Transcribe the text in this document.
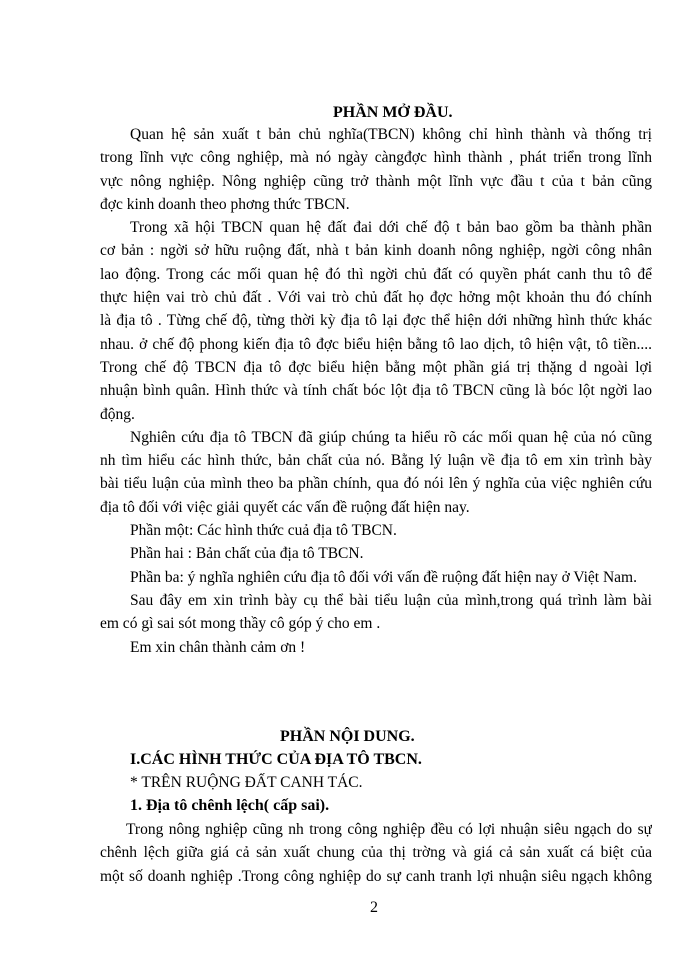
PHẦN MỞ ĐẦU.
Quan hệ sản xuất t bản chủ nghĩa(TBCN) không chỉ hình thành và thống trị
trong lĩnh vực công nghiệp, mà nó ngày càngđợc hình thành , phát triển trong lĩnh
vực nông nghiệp. Nông nghiệp cũng trở thành một lĩnh vực đầu t của t bản cũng
đợc kinh doanh theo phơng thức TBCN.
Trong xã hội TBCN quan hệ đất đai dới chế độ t bản bao gồm ba thành phần
cơ bản : ngời sở hữu ruộng đất, nhà t bản kinh doanh nông nghiệp, ngời công nhân
lao động. Trong các mối quan hệ đó thì ngời chủ đất có quyền phát canh thu tô để
thực hiện vai trò chủ đất . Với vai trò chủ đất họ đợc hởng một khoản thu đó chính
là địa tô . Từng chế độ, từng thời kỳ địa tô lại đợc thể hiện dới những hình thức khác
nhau. ở chế độ phong kiến địa tô đợc biểu hiện bằng tô lao dịch, tô hiện vật, tô tiền....
Trong chế độ TBCN địa tô đợc biểu hiện bằng một phần giá trị thặng d ngoài lợi
nhuận bình quân. Hình thức và tính chất bóc lột địa tô TBCN cũng là bóc lột ngời lao
động.
Nghiên cứu địa tô TBCN đã giúp chúng ta hiểu rõ các mối quan hệ của nó cũng
nh tìm hiểu các hình thức, bản chất của nó. Bằng lý luận về địa tô em xin trình bày
bài tiểu luận của mình theo ba phần chính, qua đó nói lên ý nghĩa của việc nghiên cứu
địa tô đối với việc giải quyết các vấn đề ruộng đất hiện nay.
Phần một: Các hình thức cuả địa tô TBCN.
Phần hai : Bản chất của địa tô TBCN.
Phần ba: ý nghĩa nghiên cứu địa tô đối với vấn đề ruộng đất hiện nay ở Việt Nam.
Sau đây em xin trình bày cụ thể bài tiểu luận của mình,trong quá trình làm bài
em có gì sai sót mong thầy cô góp ý cho em .
Em xin chân thành cảm ơn !
PHẦN NỘI DUNG.
I.CÁC HÌNH THỨC CỦA ĐỊA TÔ TBCN.
* TRÊN RUỘNG ĐẤT CANH TÁC.
1. Địa tô chênh lệch( cấp sai).
Trong nông nghiệp cũng nh trong công nghiệp đều có lợi nhuận siêu ngạch do sự
chênh lệch giữa giá cả sản xuất chung của thị trờng và giá cả sản xuất cá biệt của
một số doanh nghiệp .Trong công nghiệp do sự canh tranh lợi nhuận siêu ngạch không
2
